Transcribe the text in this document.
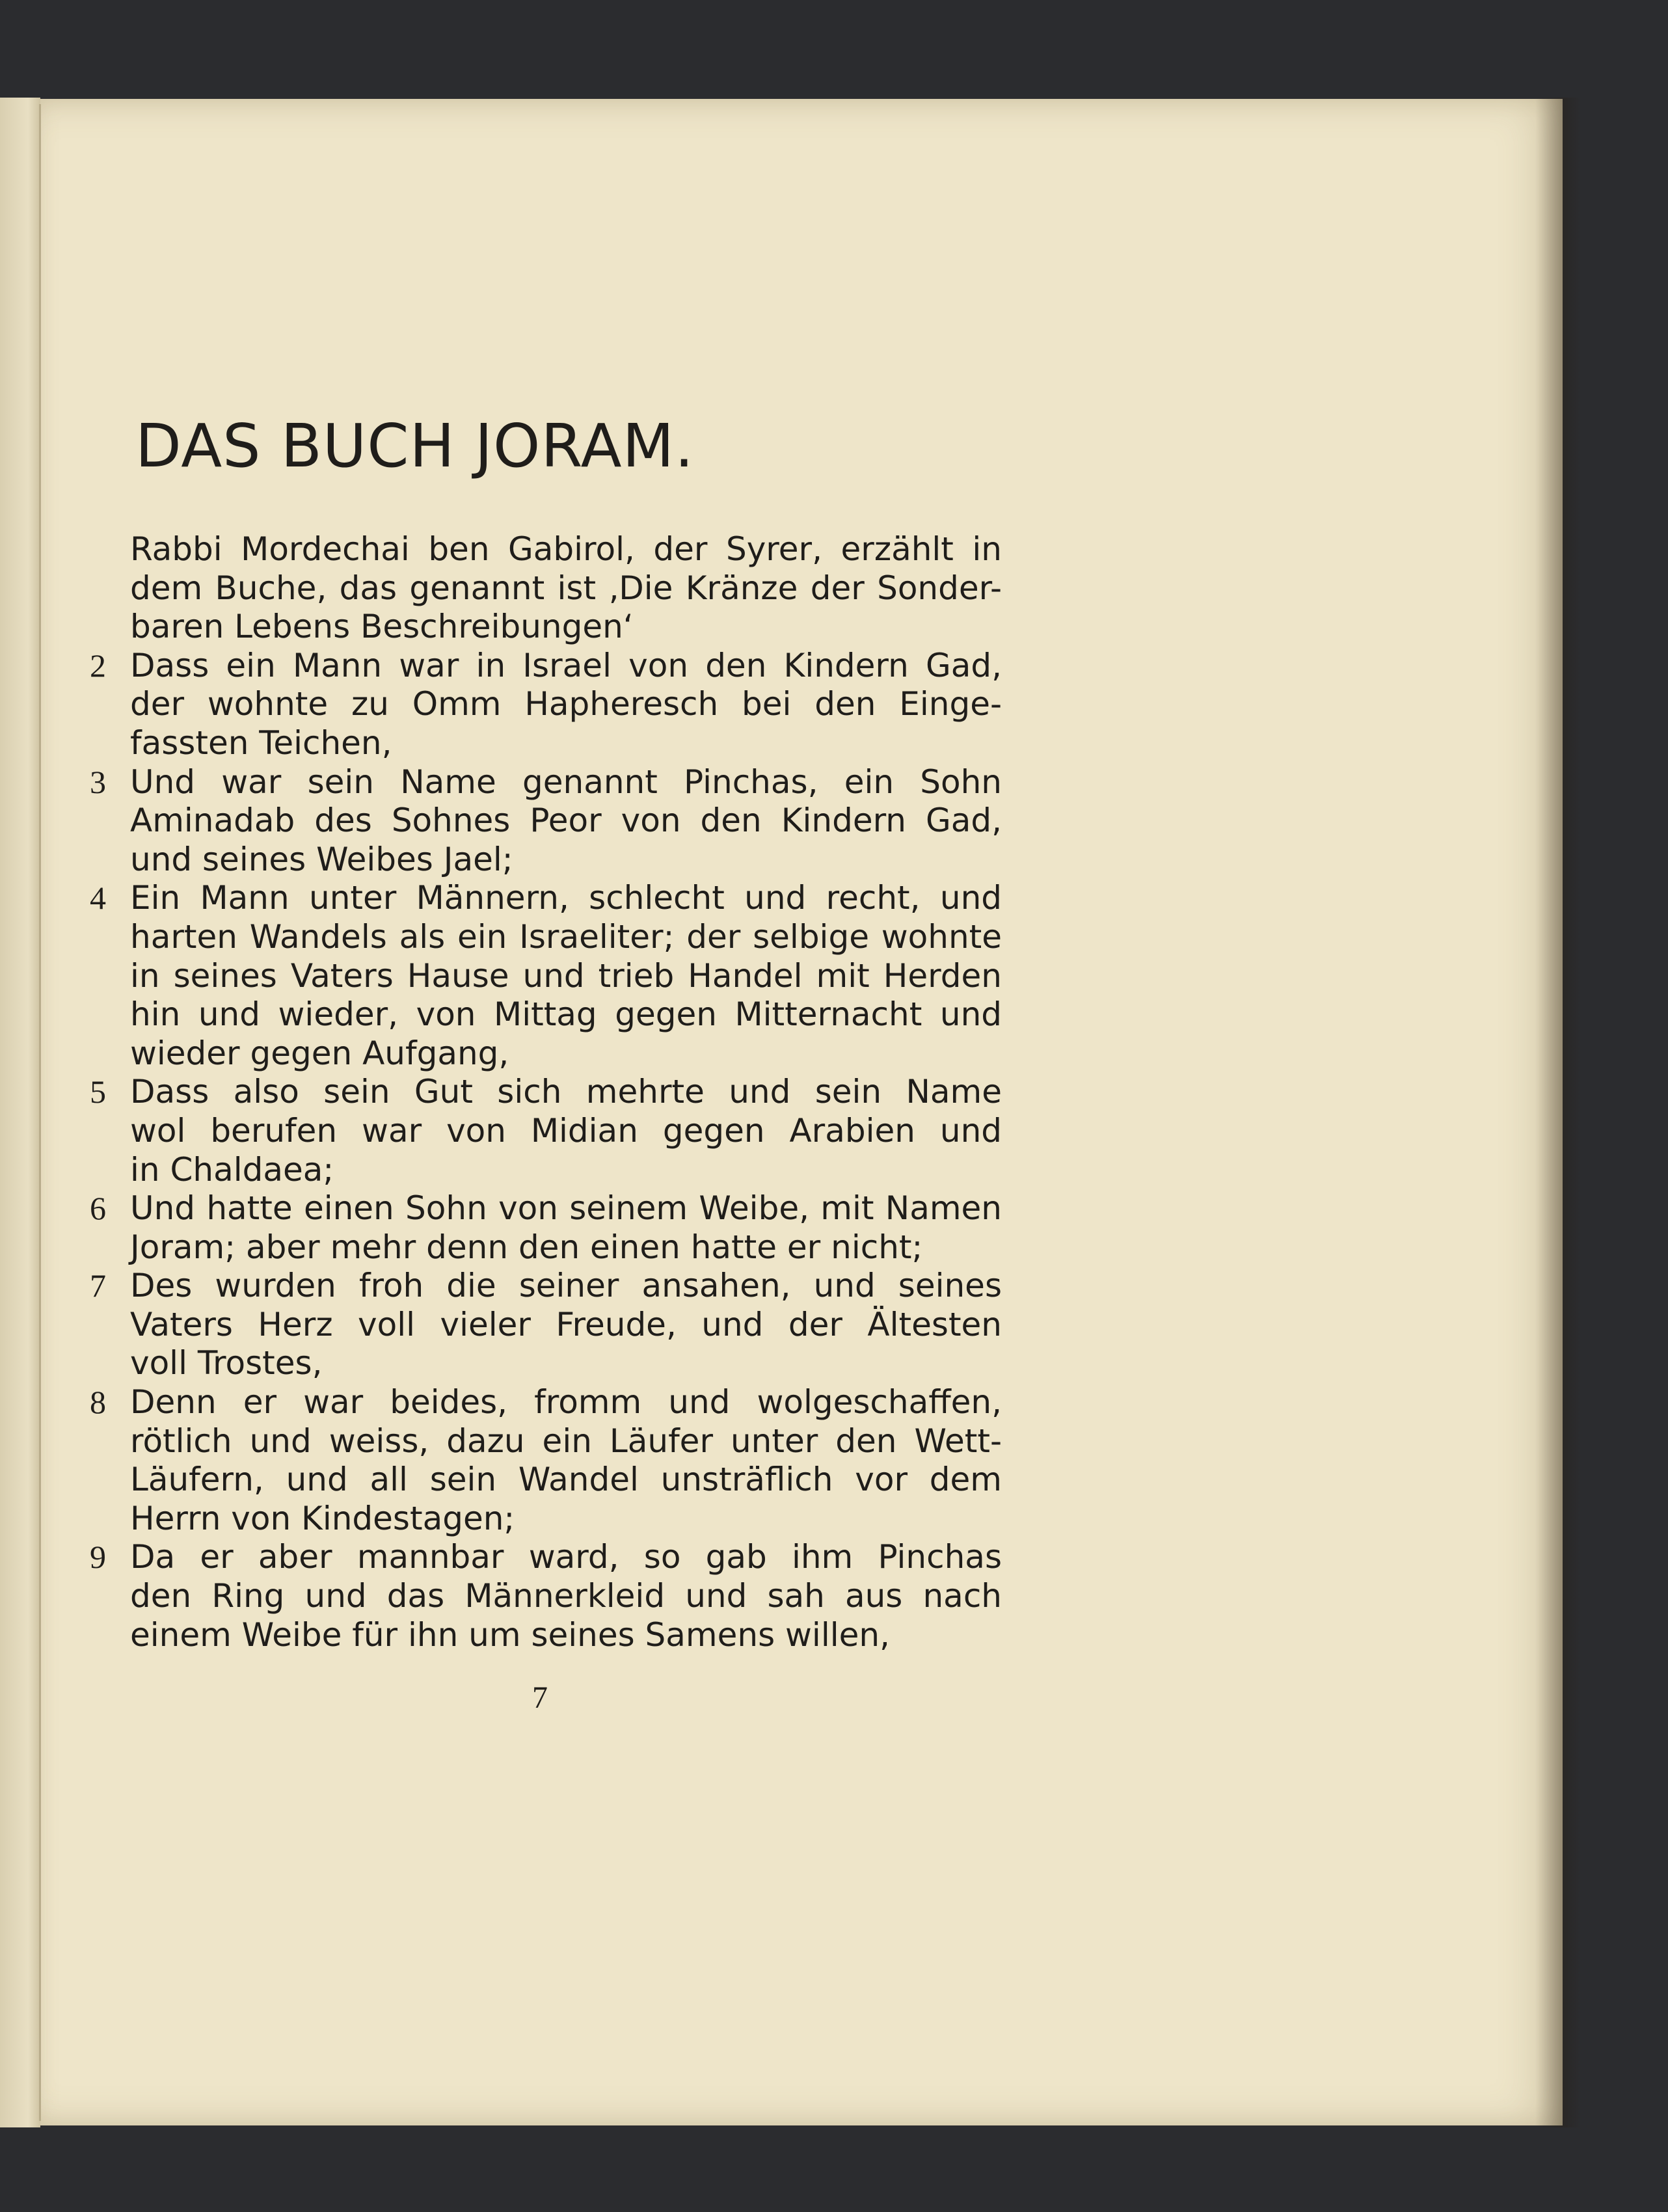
DAS BUCH JORAM.
Rabbi Mordechai ben Gabirol, der Syrer, erzählt in
dem Buche, das genannt ist ‚Die Kränze der Sonder-
baren Lebens Beschreibungen‘
2 Dass ein Mann war in Israel von den Kindern Gad,
der wohnte zu Omm Hapheresch bei den Einge-
fassten Teichen,
3 Und war sein Name genannt Pinchas, ein Sohn
Aminadab des Sohnes Peor von den Kindern Gad,
und seines Weibes Jael;
4 Ein Mann unter Männern, schlecht und recht, und
harten Wandels als ein Israeliter; der selbige wohnte
in seines Vaters Hause und trieb Handel mit Herden
hin und wieder, von Mittag gegen Mitternacht und
wieder gegen Aufgang,
5 Dass also sein Gut sich mehrte und sein Name
wol berufen war von Midian gegen Arabien und
in Chaldaea;
6 Und hatte einen Sohn von seinem Weibe, mit Namen
Joram; aber mehr denn den einen hatte er nicht;
7 Des wurden froh die seiner ansahen, und seines
Vaters Herz voll vieler Freude, und der Ältesten
voll Trostes,
8 Denn er war beides, fromm und wolgeschaffen,
rötlich und weiss, dazu ein Läufer unter den Wett-
Läufern, und all sein Wandel unsträflich vor dem
Herrn von Kindestagen;
9 Da er aber mannbar ward, so gab ihm Pinchas
den Ring und das Männerkleid und sah aus nach
einem Weibe für ihn um seines Samens willen,
7
